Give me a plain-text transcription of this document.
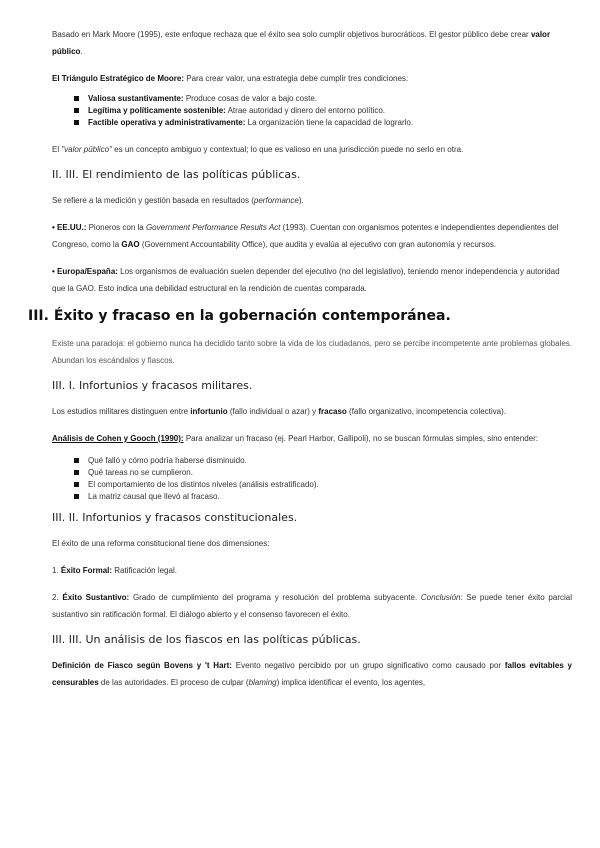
Basado en Mark Moore (1995), este enfoque rechaza que el éxito sea solo cumplir objetivos burocráticos. El gestor público debe crear valor público.

El Triángulo Estratégico de Moore: Para crear valor, una estrategia debe cumplir tres condiciones:

Valiosa sustantivamente: Produce cosas de valor a bajo coste.
Legítima y políticamente sostenible: Atrae autoridad y dinero del entorno político.
Factible operativa y administrativamente: La organización tiene la capacidad de lograrlo.

El "valor público" es un concepto ambiguo y contextual; lo que es valioso en una jurisdicción puede no serlo en otra.

II. III. El rendimiento de las políticas públicas.

Se refiere a la medición y gestión basada en resultados (performance).

• EE.UU.: Pioneros con la Government Performance Results Act (1993). Cuentan con organismos potentes e independientes dependientes del Congreso, como la GAO (Government Accountability Office), que audita y evalúa al ejecutivo con gran autonomía y recursos.

• Europa/España: Los organismos de evaluación suelen depender del ejecutivo (no del legislativo), teniendo menor independencia y autoridad que la GAO. Esto indica una debilidad estructural en la rendición de cuentas comparada.

III. Éxito y fracaso en la gobernación contemporánea.

Existe una paradoja: el gobierno nunca ha decidido tanto sobre la vida de los ciudadanos, pero se percibe incompetente ante problemas globales. Abundan los escándalos y fiascos.

III. I. Infortunios y fracasos militares.

Los estudios militares distinguen entre infortunio (fallo individual o azar) y fracaso (fallo organizativo, incompetencia colectiva).

Análisis de Cohen y Gooch (1990): Para analizar un fracaso (ej. Pearl Harbor, Gallipoli), no se buscan fórmulas simples, sino entender:

Qué falló y cómo podría haberse disminuido.
Qué tareas no se cumplieron.
El comportamiento de los distintos niveles (análisis estratificado).
La matriz causal que llevó al fracaso.
III. II. Infortunios y fracasos constitucionales.

El éxito de una reforma constitucional tiene dos dimensiones:

1. Éxito Formal: Ratificación legal.

2. Éxito Sustantivo: Grado de cumplimiento del programa y resolución del problema subyacente. Conclusión: Se puede tener éxito parcial sustantivo sin ratificación formal. El diálogo abierto y el consenso favorecen el éxito.

III. III. Un análisis de los fiascos en las políticas públicas.

Definición de Fiasco según Bovens y 't Hart: Evento negativo percibido por un grupo significativo como causado por fallos evitables y censurables de las autoridades. El proceso de culpar (blaming) implica identificar el evento, los agentes,
